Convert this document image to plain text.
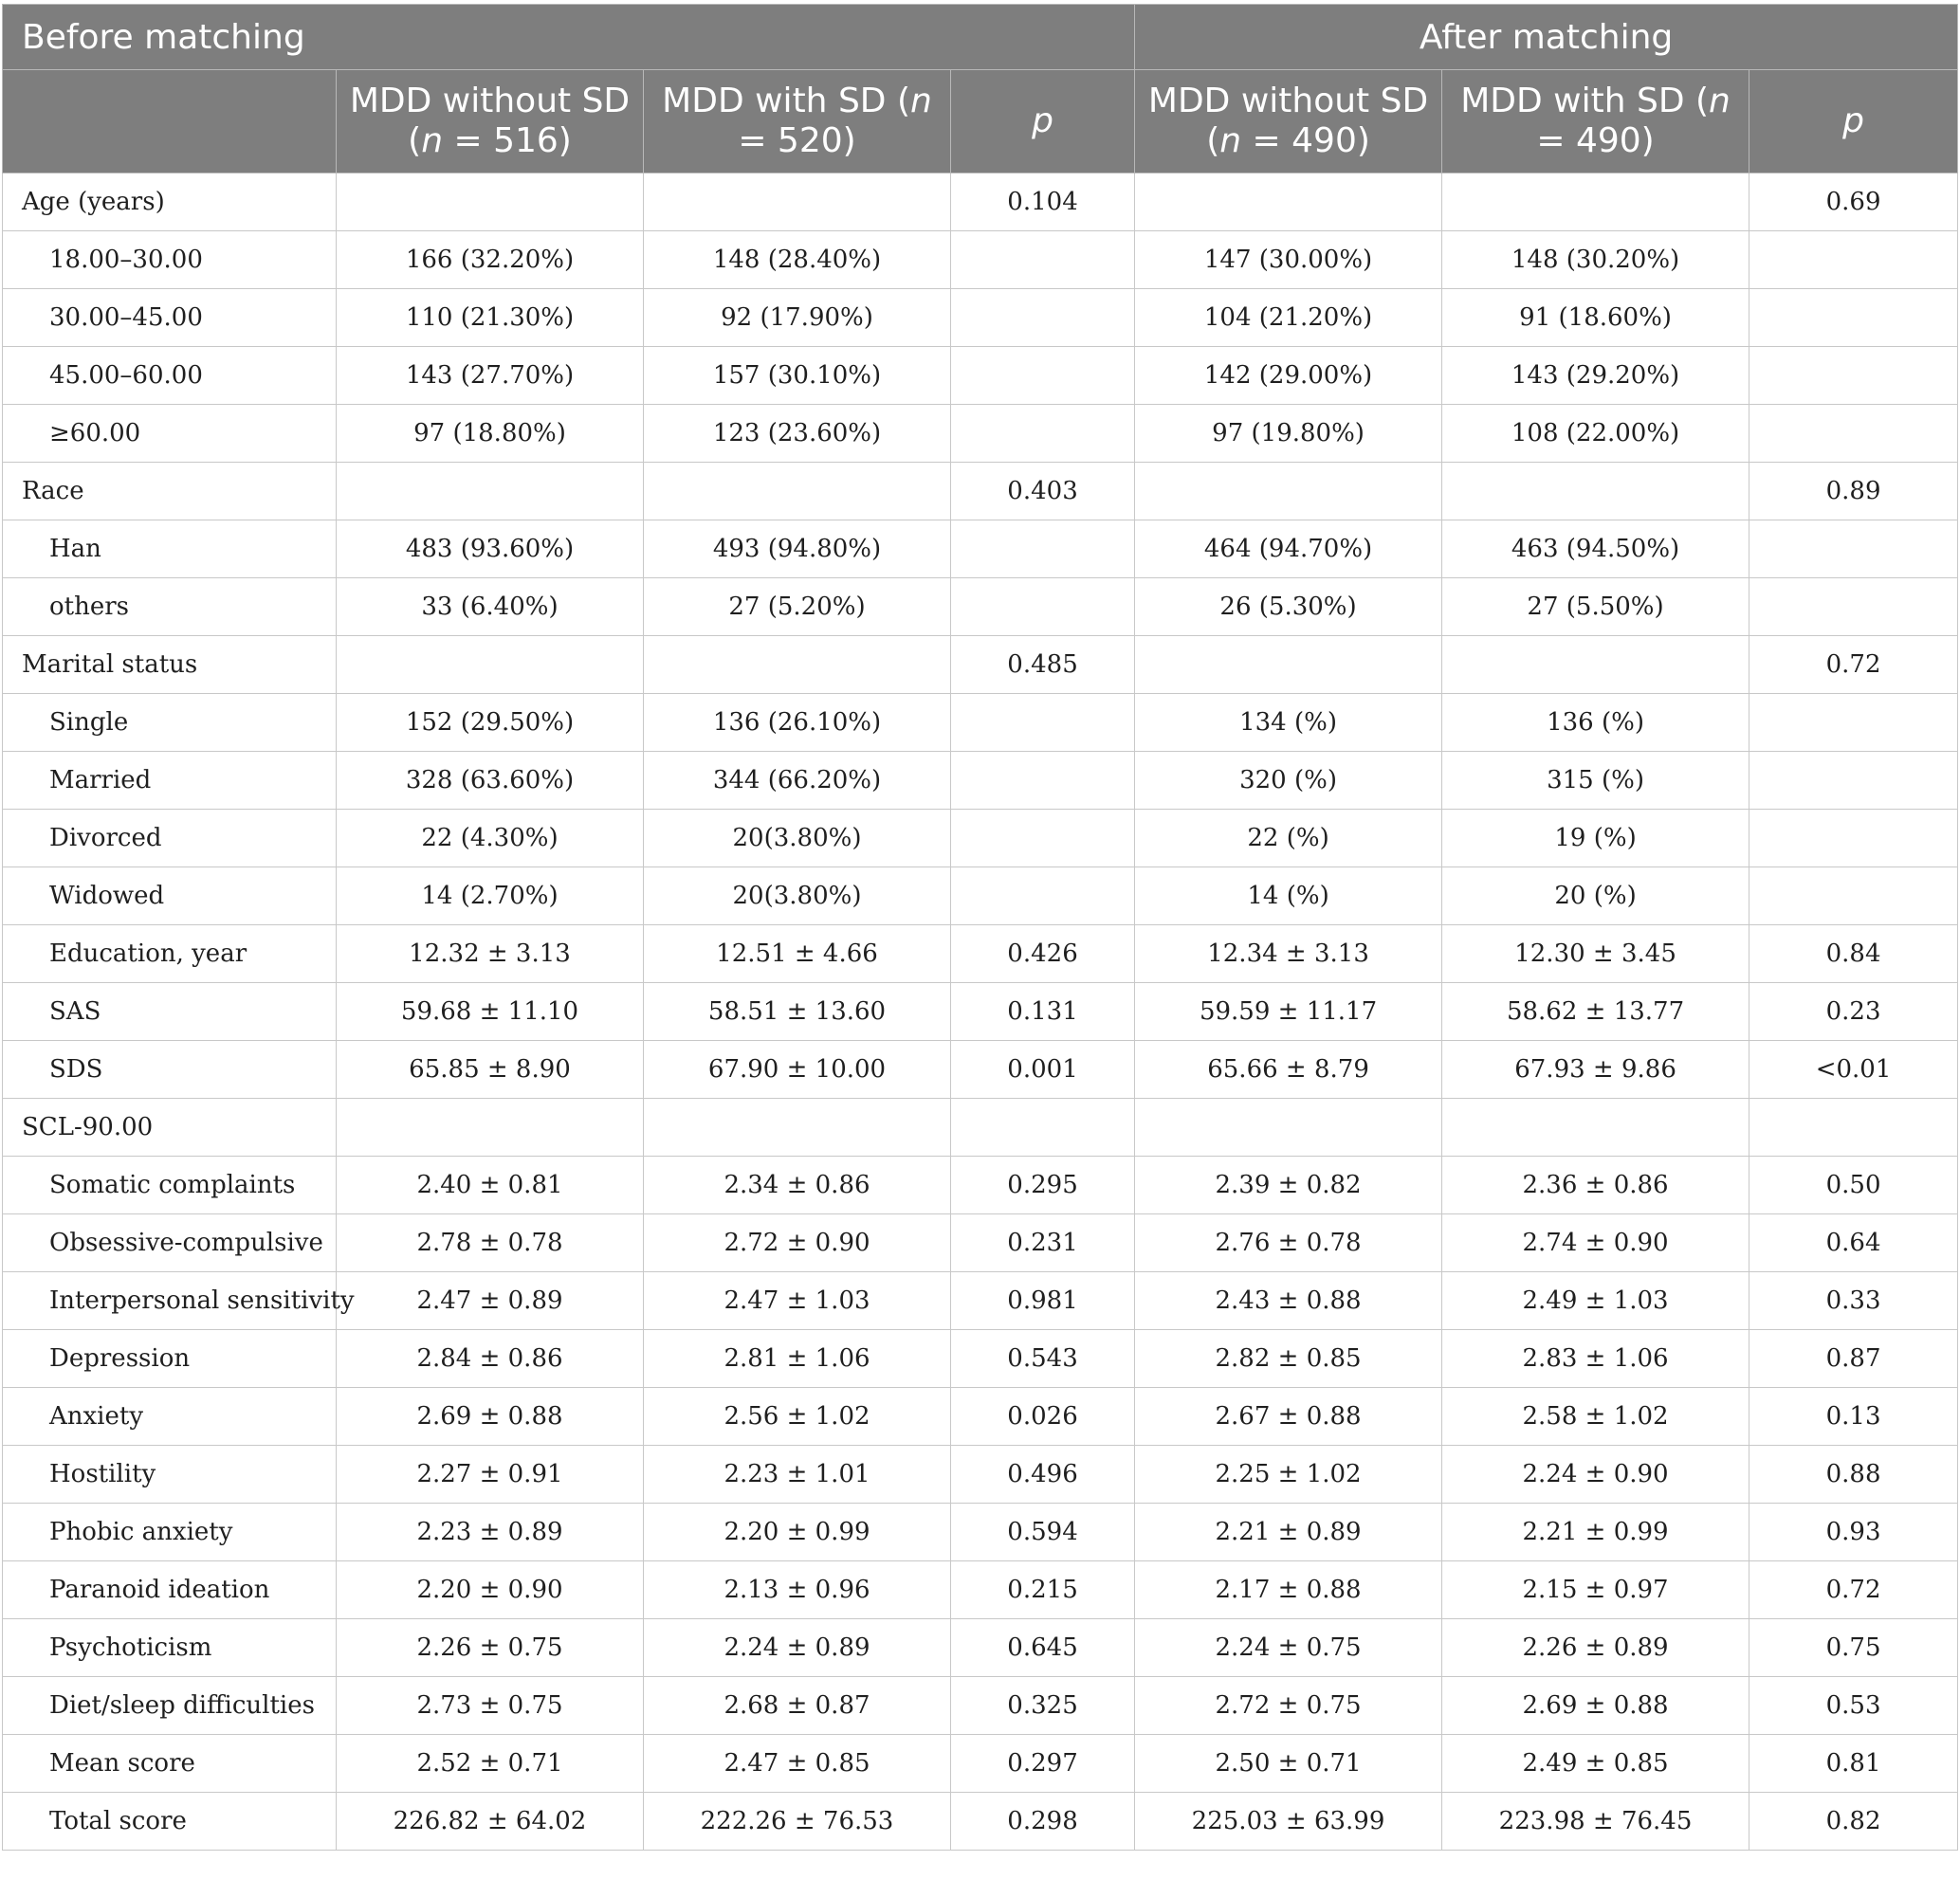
Before matching				After matching		
	MDD without SD (n = 516)	MDD with SD (n = 520)	p	MDD without SD (n = 490)	MDD with SD (n = 490)	p
Age (years)			0.104			0.69
18.00–30.00	166 (32.20%)	148 (28.40%)		147 (30.00%)	148 (30.20%)	
30.00–45.00	110 (21.30%)	92 (17.90%)		104 (21.20%)	91 (18.60%)	
45.00–60.00	143 (27.70%)	157 (30.10%)		142 (29.00%)	143 (29.20%)	
≥60.00	97 (18.80%)	123 (23.60%)		97 (19.80%)	108 (22.00%)	
Race			0.403			0.89
Han	483 (93.60%)	493 (94.80%)		464 (94.70%)	463 (94.50%)	
others	33 (6.40%)	27 (5.20%)		26 (5.30%)	27 (5.50%)	
Marital status			0.485			0.72
Single	152 (29.50%)	136 (26.10%)		134 (%)	136 (%)	
Married	328 (63.60%)	344 (66.20%)		320 (%)	315 (%)	
Divorced	22 (4.30%)	20(3.80%)		22 (%)	19 (%)	
Widowed	14 (2.70%)	20(3.80%)		14 (%)	20 (%)	
Education, year	12.32 ± 3.13	12.51 ± 4.66	0.426	12.34 ± 3.13	12.30 ± 3.45	0.84
SAS	59.68 ± 11.10	58.51 ± 13.60	0.131	59.59 ± 11.17	58.62 ± 13.77	0.23
SDS	65.85 ± 8.90	67.90 ± 10.00	0.001	65.66 ± 8.79	67.93 ± 9.86	<0.01
SCL-90.00						
Somatic complaints	2.40 ± 0.81	2.34 ± 0.86	0.295	2.39 ± 0.82	2.36 ± 0.86	0.50
Obsessive-compulsive	2.78 ± 0.78	2.72 ± 0.90	0.231	2.76 ± 0.78	2.74 ± 0.90	0.64
Interpersonal sensitivity	2.47 ± 0.89	2.47 ± 1.03	0.981	2.43 ± 0.88	2.49 ± 1.03	0.33
Depression	2.84 ± 0.86	2.81 ± 1.06	0.543	2.82 ± 0.85	2.83 ± 1.06	0.87
Anxiety	2.69 ± 0.88	2.56 ± 1.02	0.026	2.67 ± 0.88	2.58 ± 1.02	0.13
Hostility	2.27 ± 0.91	2.23 ± 1.01	0.496	2.25 ± 1.02	2.24 ± 0.90	0.88
Phobic anxiety	2.23 ± 0.89	2.20 ± 0.99	0.594	2.21 ± 0.89	2.21 ± 0.99	0.93
Paranoid ideation	2.20 ± 0.90	2.13 ± 0.96	0.215	2.17 ± 0.88	2.15 ± 0.97	0.72
Psychoticism	2.26 ± 0.75	2.24 ± 0.89	0.645	2.24 ± 0.75	2.26 ± 0.89	0.75
Diet/sleep difficulties	2.73 ± 0.75	2.68 ± 0.87	0.325	2.72 ± 0.75	2.69 ± 0.88	0.53
Mean score	2.52 ± 0.71	2.47 ± 0.85	0.297	2.50 ± 0.71	2.49 ± 0.85	0.81
Total score	226.82 ± 64.02	222.26 ± 76.53	0.298	225.03 ± 63.99	223.98 ± 76.45	0.82
